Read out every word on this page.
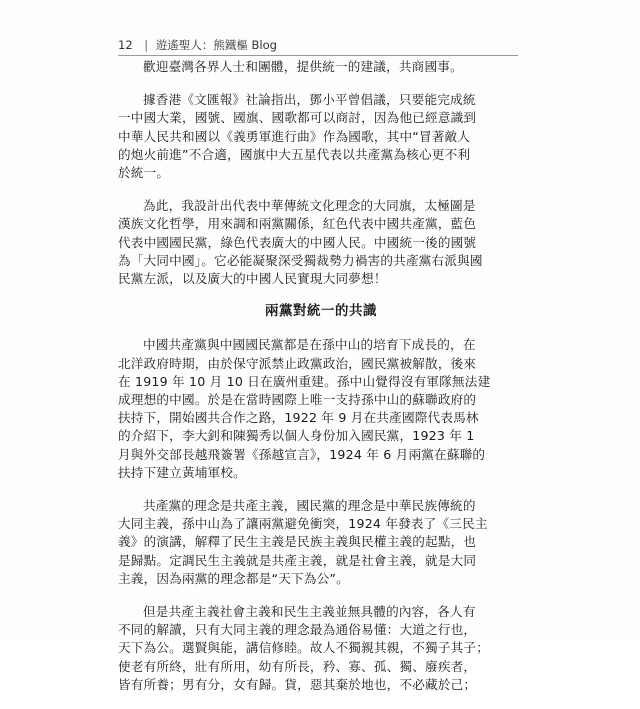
12 | 遊遙聖人：熊鐵樞 Blog
歡迎臺灣各界人士和團體，提供統一的建議，共商國事。
據香港《文匯報》社論指出，鄧小平曾倡議，只要能完成統
一中國大業，國號、國旗、國歌都可以商討，因為他已經意識到
中華人民共和國以《義勇軍進行曲》作為國歌，其中“冒著敵人
的炮火前進”不合適，國旗中大五星代表以共產黨為核心更不利
於統一。
為此，我設計出代表中華傳統文化理念的大同旗，太極圖是
漢族文化哲學，用來調和兩黨關係，紅色代表中國共產黨，藍色
代表中國國民黨，綠色代表廣大的中國人民。中國統一後的國號
為「大同中國」。它必能凝聚深受獨裁勢力禍害的共產黨右派與國
民黨左派，以及廣大的中國人民實現大同夢想！
兩黨對統一的共識
中國共產黨與中國國民黨都是在孫中山的培育下成長的，在
北洋政府時期，由於保守派禁止政黨政治，國民黨被解散，後來
在 1919 年 10 月 10 日在廣州重建。孫中山覺得沒有軍隊無法建
成理想的中國。於是在當時國際上唯一支持孫中山的蘇聯政府的
扶持下，開始國共合作之路，1922 年 9 月在共產國際代表馬林
的介紹下，李大釗和陳獨秀以個人身份加入國民黨，1923 年 1
月與外交部長越飛簽署《孫越宣言》，1924 年 6 月兩黨在蘇聯的
扶持下建立黃埔軍校。
共產黨的理念是共產主義，國民黨的理念是中華民族傳統的
大同主義，孫中山為了讓兩黨避免衝突，1924 年發表了《三民主
義》的演講，解釋了民生主義是民族主義與民權主義的起點，也
是歸點。定調民生主義就是共產主義，就是社會主義，就是大同
主義，因為兩黨的理念都是“天下為公”。
但是共產主義社會主義和民生主義並無具體的內容，各人有
不同的解讀，只有大同主義的理念最為通俗易懂：大道之行也，
天下為公。選賢與能，講信修睦。故人不獨親其親，不獨子其子；
使老有所終，壯有所用，幼有所長，矜、寡、孤、獨、廢疾者，
皆有所養；男有分，女有歸。貨，惡其棄於地也，不必藏於己；
